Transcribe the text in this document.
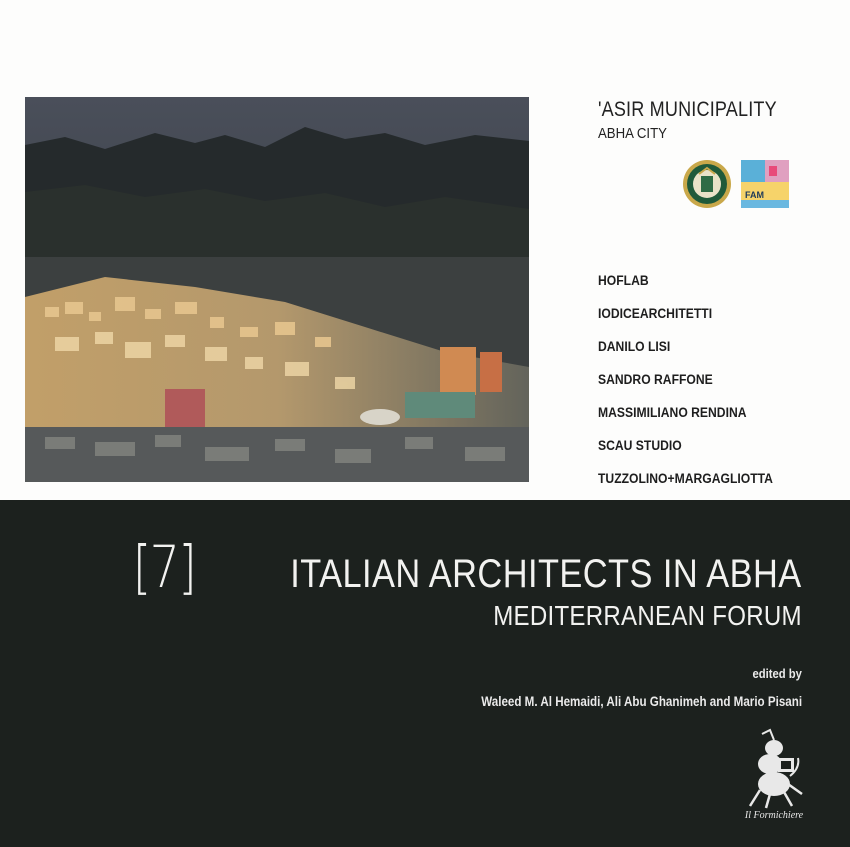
'ASIR MUNICIPALITY
ABHA CITY
FAM
HOFLAB
IODICEARCHITETTI
DANILO LISI
SANDRO RAFFONE
MASSIMILIANO RENDINA
SCAU STUDIO
TUZZOLINO+MARGAGLIOTTA
[7] ITALIAN ARCHITECTS IN ABHA
MEDITERRANEAN FORUM
edited by
Waleed M. Al Hemaidi, Ali Abu Ghanimeh and Mario Pisani
Il Formichiere
